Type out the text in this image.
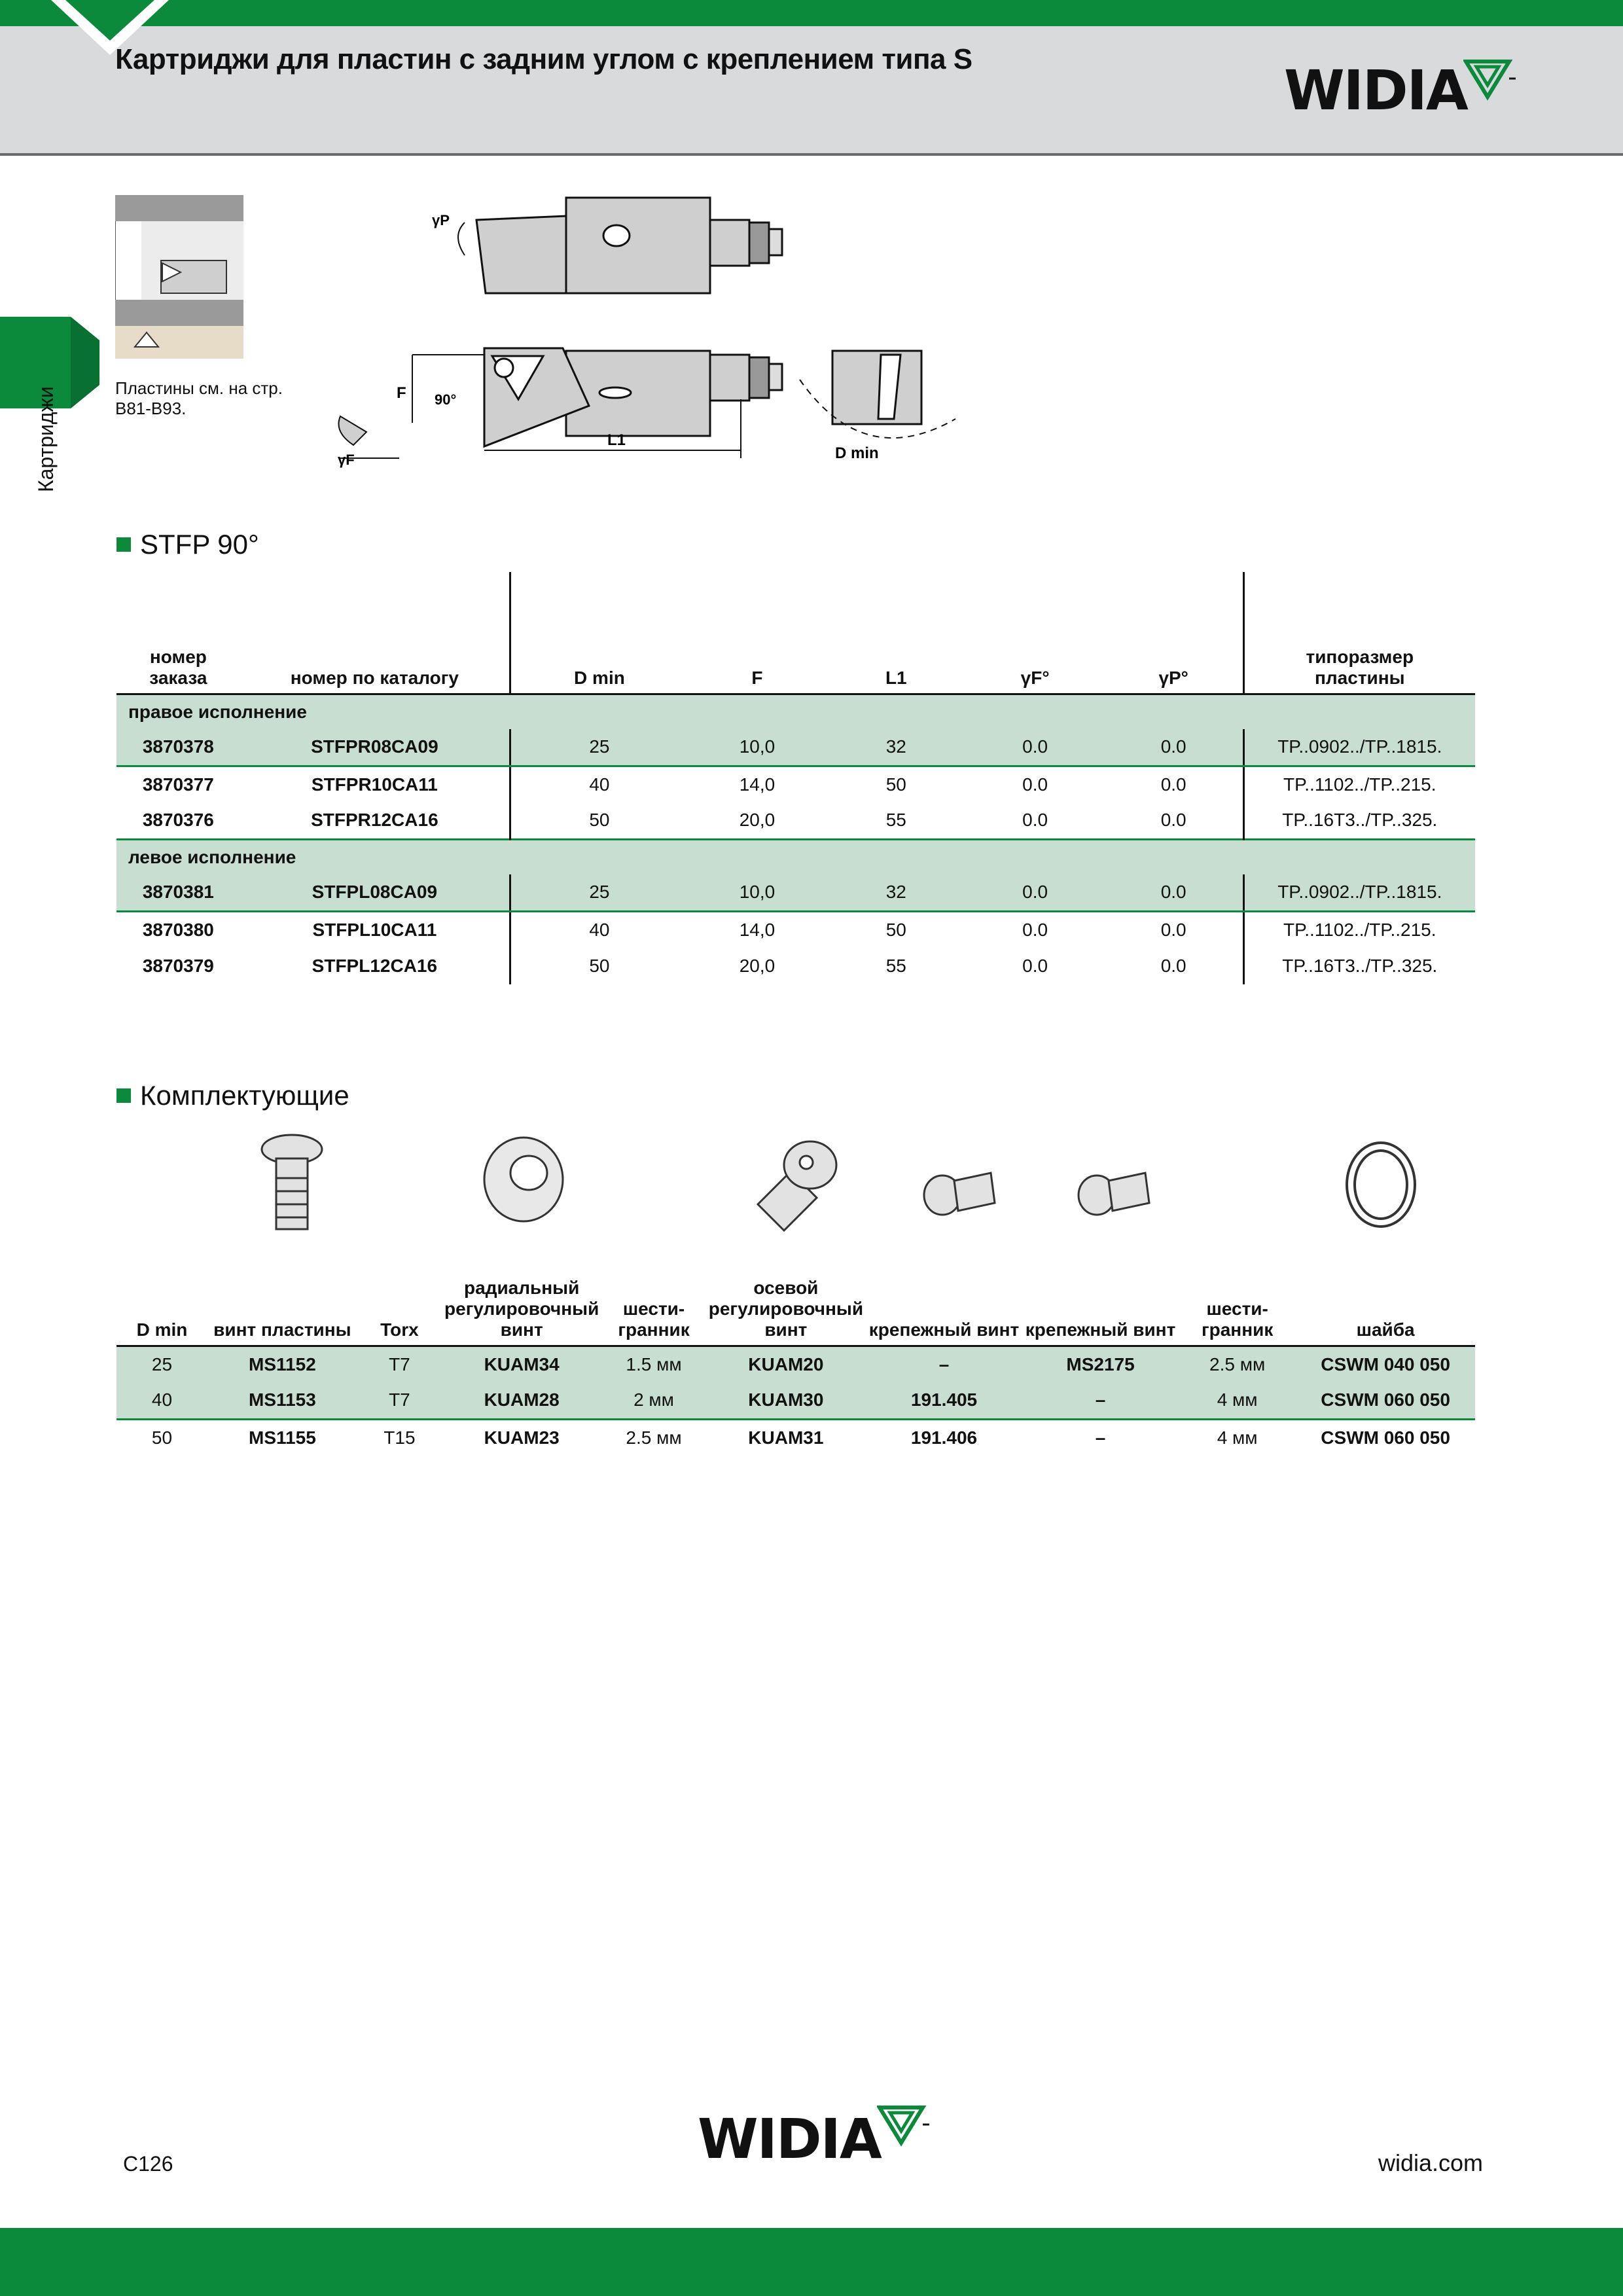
Картриджи для пластин с задним углом с креплением типа S	WIDIA
Картриджи	Пластины см. на стр. B81-B93.
γP
F 90°
L1
γF	D min
STFP 90°
номер заказа	номер по каталогу	D min	F	L1	γF°	γP°	типоразмер пластины
правое исполнение							
3870378	STFPR08CA09	25	10,0	32	0.0	0.0	TP..0902../TP..1815.
3870377	STFPR10CA11	40	14,0	50	0.0	0.0	TP..1102../TP..215.
3870376	STFPR12CA16	50	20,0	55	0.0	0.0	TP..16T3../TP..325.
левое исполнение							
3870381	STFPL08CA09	25	10,0	32	0.0	0.0	TP..0902../TP..1815.
3870380	STFPL10CA11	40	14,0	50	0.0	0.0	TP..1102../TP..215.
3870379	STFPL12CA16	50	20,0	55	0.0	0.0	TP..16T3../TP..325.
Комплектующие
D min	винт пластины	Torx	радиальный регулировочный винт	шести-гранник	осевой регулировочный винт	крепежный винт	крепежный винт	шести-гранник	шайба
25	MS1152	T7	KUAM34	1.5 мм	KUAM20	–	MS2175	2.5 мм	CSWM 040 050
40	MS1153	T7	KUAM28	2 мм	KUAM30	191.405	–	4 мм	CSWM 060 050
50	MS1155	T15	KUAM23	2.5 мм	KUAM31	191.406	–	4 мм	CSWM 060 050
WIDIA
C126	widia.com
